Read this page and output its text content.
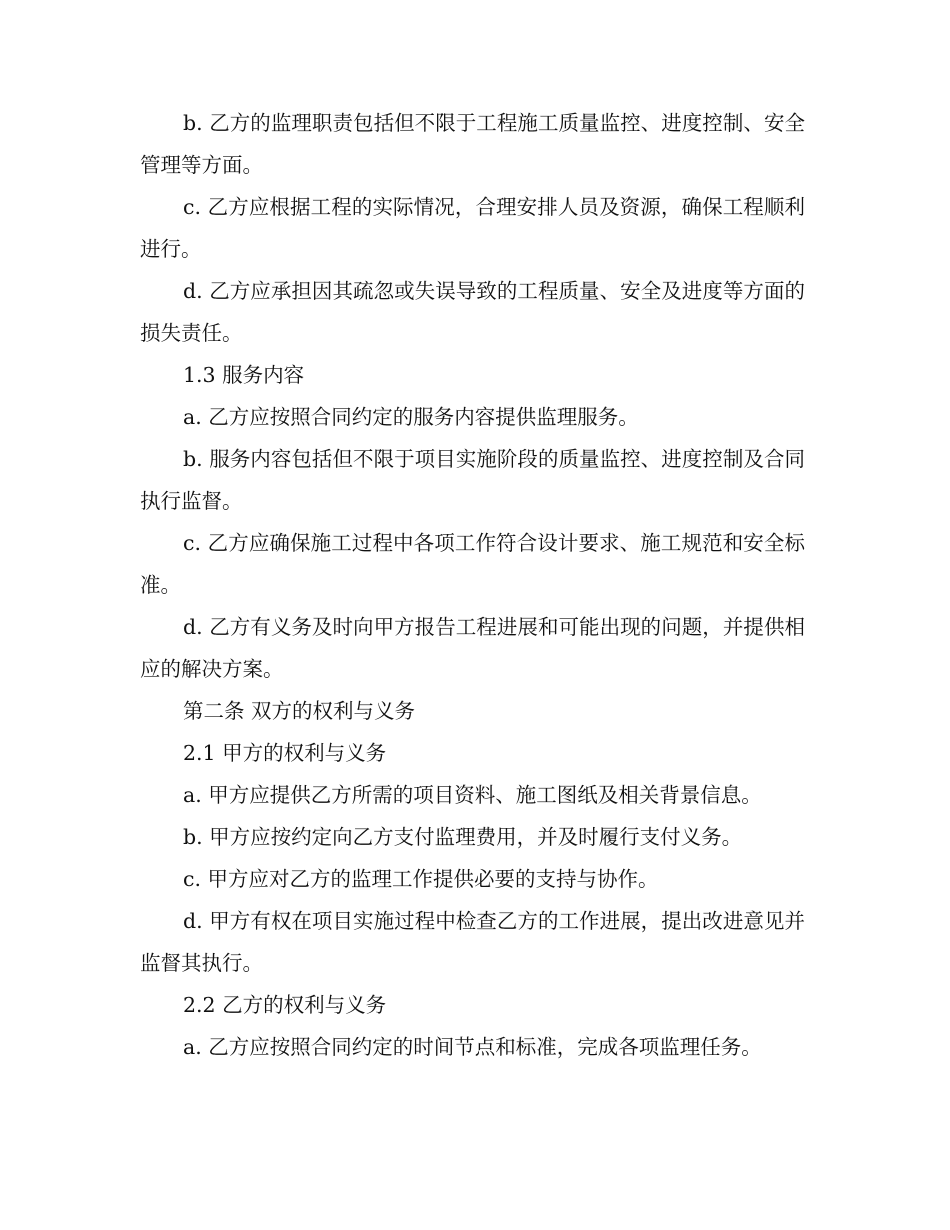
b. 乙方的监理职责包括但不限于工程施工质量监控、进度控制、安全管理等方面。

c. 乙方应根据工程的实际情况，合理安排人员及资源，确保工程顺利进行。

d. 乙方应承担因其疏忽或失误导致的工程质量、安全及进度等方面的损失责任。

1.3 服务内容

a. 乙方应按照合同约定的服务内容提供监理服务。

b. 服务内容包括但不限于项目实施阶段的质量监控、进度控制及合同执行监督。

c. 乙方应确保施工过程中各项工作符合设计要求、施工规范和安全标准。

d. 乙方有义务及时向甲方报告工程进展和可能出现的问题，并提供相应的解决方案。

第二条 双方的权利与义务

2.1 甲方的权利与义务

a. 甲方应提供乙方所需的项目资料、施工图纸及相关背景信息。

b. 甲方应按约定向乙方支付监理费用，并及时履行支付义务。

c. 甲方应对乙方的监理工作提供必要的支持与协作。

d. 甲方有权在项目实施过程中检查乙方的工作进展，提出改进意见并监督其执行。

2.2 乙方的权利与义务

a. 乙方应按照合同约定的时间节点和标准，完成各项监理任务。
